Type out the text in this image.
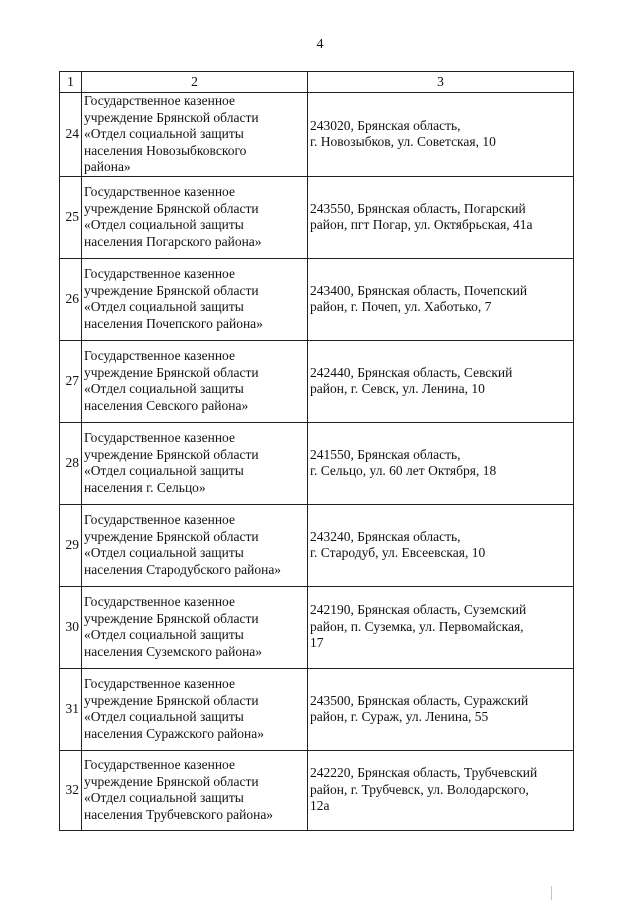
4
1	2	3
24	Государственное казенное
учреждение Брянской области
«Отдел социальной защиты
населения Новозыбковского
района»	243020, Брянская область,
г. Новозыбков, ул. Советская, 10
25	Государственное казенное
учреждение Брянской области
«Отдел социальной защиты
населения Погарского района»	243550, Брянская область, Погарский
район, пгт Погар, ул. Октябрьская, 41а
26	Государственное казенное
учреждение Брянской области
«Отдел социальной защиты
населения Почепского района»	243400, Брянская область, Почепский
район, г. Почеп, ул. Хаботько, 7
27	Государственное казенное
учреждение Брянской области
«Отдел социальной защиты
населения Севского района»	242440, Брянская область, Севский
район, г. Севск, ул. Ленина, 10
28	Государственное казенное
учреждение Брянской области
«Отдел социальной защиты
населения г. Сельцо»	241550, Брянская область,
г. Сельцо, ул. 60 лет Октября, 18
29	Государственное казенное
учреждение Брянской области
«Отдел социальной защиты
населения Стародубского района»	243240, Брянская область,
г. Стародуб, ул. Евсеевская, 10
30	Государственное казенное
учреждение Брянской области
«Отдел социальной защиты
населения Суземского района»	242190, Брянская область, Суземский
район, п. Суземка, ул. Первомайская,
17
31	Государственное казенное
учреждение Брянской области
«Отдел социальной защиты
населения Суражского района»	243500, Брянская область, Суражский
район, г. Сураж, ул. Ленина, 55
32	Государственное казенное
учреждение Брянской области
«Отдел социальной защиты
населения Трубчевского района»	242220, Брянская область, Трубчевский
район, г. Трубчевск, ул. Володарского,
12а
